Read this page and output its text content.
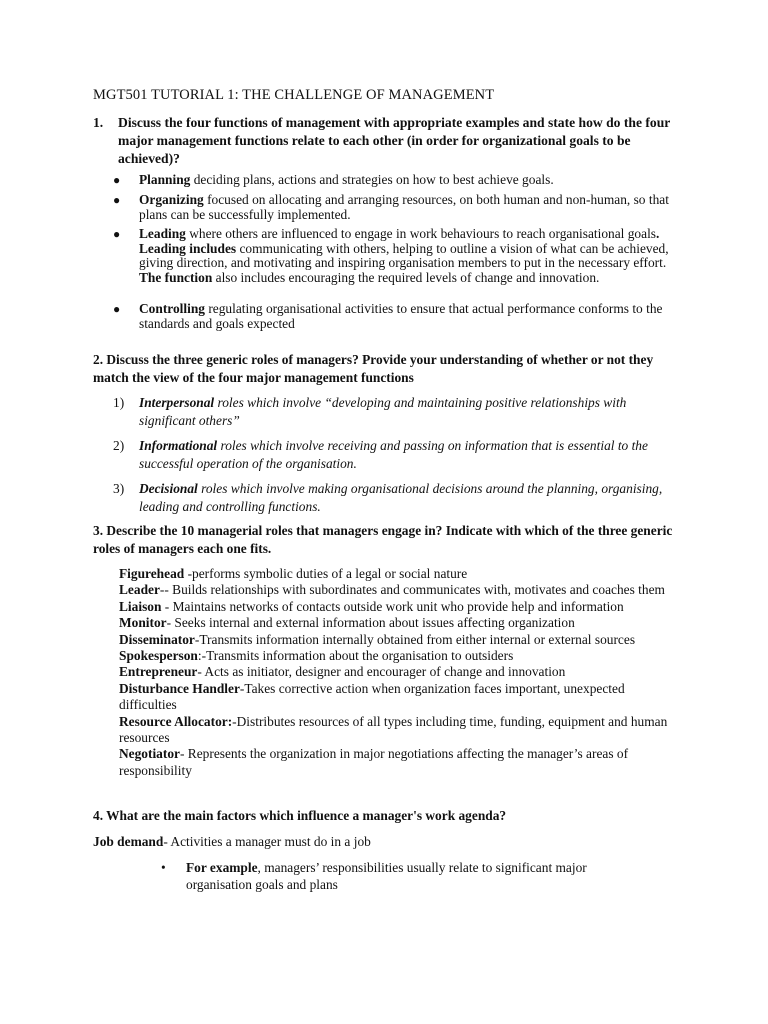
MGT501 TUTORIAL 1: THE CHALLENGE OF MANAGEMENT
1. Discuss the four functions of management with appropriate examples and state how do the four major management functions relate to each other (in order for organizational goals to be achieved)?
● Planning deciding plans, actions and strategies on how to best achieve goals.
● Organizing focused on allocating and arranging resources, on both human and non-human, so that plans can be successfully implemented.
● Leading where others are influenced to engage in work behaviours to reach organisational goals. Leading includes communicating with others, helping to outline a vision of what can be achieved, giving direction, and motivating and inspiring organisation members to put in the necessary effort. The function also includes encouraging the required levels of change and innovation.
● Controlling regulating organisational activities to ensure that actual performance conforms to the standards and goals expected
2. Discuss the three generic roles of managers? Provide your understanding of whether or not they match the view of the four major management functions
1) Interpersonal roles which involve “developing and maintaining positive relationships with significant others”
2) Informational roles which involve receiving and passing on information that is essential to the successful operation of the organisation.
3) Decisional roles which involve making organisational decisions around the planning, organising, leading and controlling functions.
3. Describe the 10 managerial roles that managers engage in? Indicate with which of the three generic roles of managers each one fits.
Figurehead -performs symbolic duties of a legal or social nature
Leader-- Builds relationships with subordinates and communicates with, motivates and coaches them
Liaison - Maintains networks of contacts outside work unit who provide help and information
Monitor- Seeks internal and external information about issues affecting organization
Disseminator-Transmits information internally obtained from either internal or external sources
Spokesperson:-Transmits information about the organisation to outsiders
Entrepreneur- Acts as initiator, designer and encourager of change and innovation
Disturbance Handler-Takes corrective action when organization faces important, unexpected difficulties
Resource Allocator:-Distributes resources of all types including time, funding, equipment and human resources
Negotiator- Represents the organization in major negotiations affecting the manager’s areas of responsibility
4. What are the main factors which influence a manager's work agenda?
Job demand- Activities a manager must do in a job
• For example, managers’ responsibilities usually relate to significant major organisation goals and plans
